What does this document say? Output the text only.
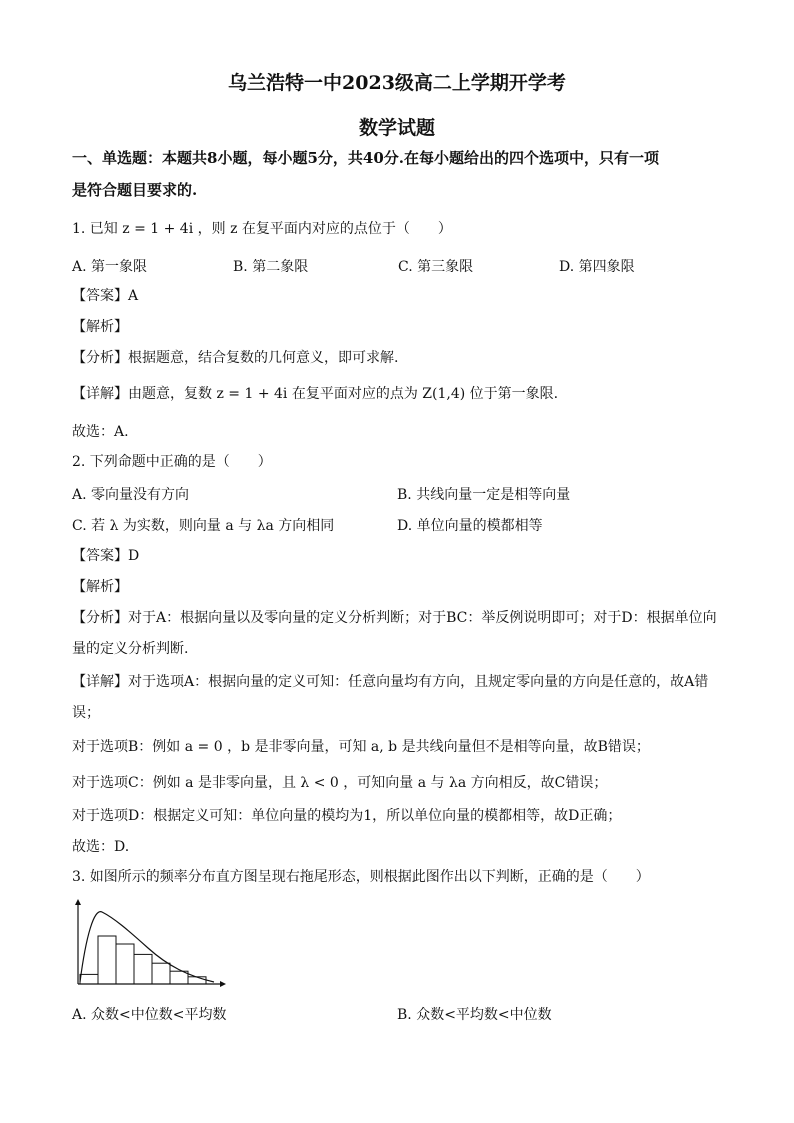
乌兰浩特一中2023级高二上学期开学考
数学试题
一、单选题：本题共8小题，每小题5分，共40分.在每小题给出的四个选项中，只有一项
是符合题目要求的.
1. 已知 z = 1 + 4i ，则 z 在复平面内对应的点位于（　　）
A. 第一象限	B. 第二象限	C. 第三象限	D. 第四象限
【答案】A
【解析】
【分析】根据题意，结合复数的几何意义，即可求解.
【详解】由题意，复数 z = 1 + 4i 在复平面对应的点为 Z(1,4) 位于第一象限.
故选：A.
2. 下列命题中正确的是（　　）
A. 零向量没有方向	B. 共线向量一定是相等向量
C. 若 λ 为实数，则向量 a 与 λa 方向相同	D. 单位向量的模都相等
【答案】D
【解析】
【分析】对于A：根据向量以及零向量的定义分析判断；对于BC：举反例说明即可；对于D：根据单位向
量的定义分析判断.
【详解】对于选项A：根据向量的定义可知：任意向量均有方向，且规定零向量的方向是任意的，故A错
误；
对于选项B：例如 a = 0 ，b 是非零向量，可知 a, b 是共线向量但不是相等向量，故B错误；
对于选项C：例如 a 是非零向量，且 λ < 0 ，可知向量 a 与 λa 方向相反，故C错误；
对于选项D：根据定义可知：单位向量的模均为1，所以单位向量的模都相等，故D正确；
故选：D.
3. 如图所示的频率分布直方图呈现右拖尾形态，则根据此图作出以下判断，正确的是（　　）
A. 众数<中位数<平均数	B. 众数<平均数<中位数
